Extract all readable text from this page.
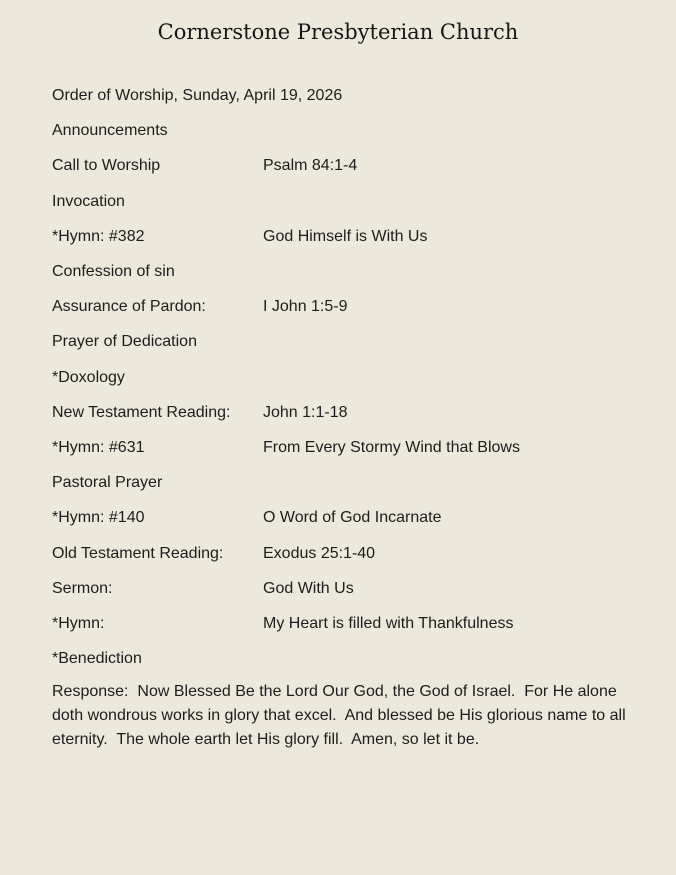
Cornerstone Presbyterian Church
Order of Worship, Sunday, April 19, 2026
Announcements
Call to Worship	Psalm 84:1-4
Invocation
*Hymn: #382	God Himself is With Us
Confession of sin
Assurance of Pardon:	I John 1:5-9
Prayer of Dedication
*Doxology
New Testament Reading:	John 1:1-18
*Hymn: #631	From Every Stormy Wind that Blows
Pastoral Prayer
*Hymn: #140	O Word of God Incarnate
Old Testament Reading:	Exodus 25:1-40
Sermon:	God With Us
*Hymn:	My Heart is filled with Thankfulness
*Benediction

Response:  Now Blessed Be the Lord Our God, the God of Israel.  For He alone doth wondrous works in glory that excel.  And blessed be His glorious name to all eternity.  The whole earth let His glory fill.  Amen, so let it be.
